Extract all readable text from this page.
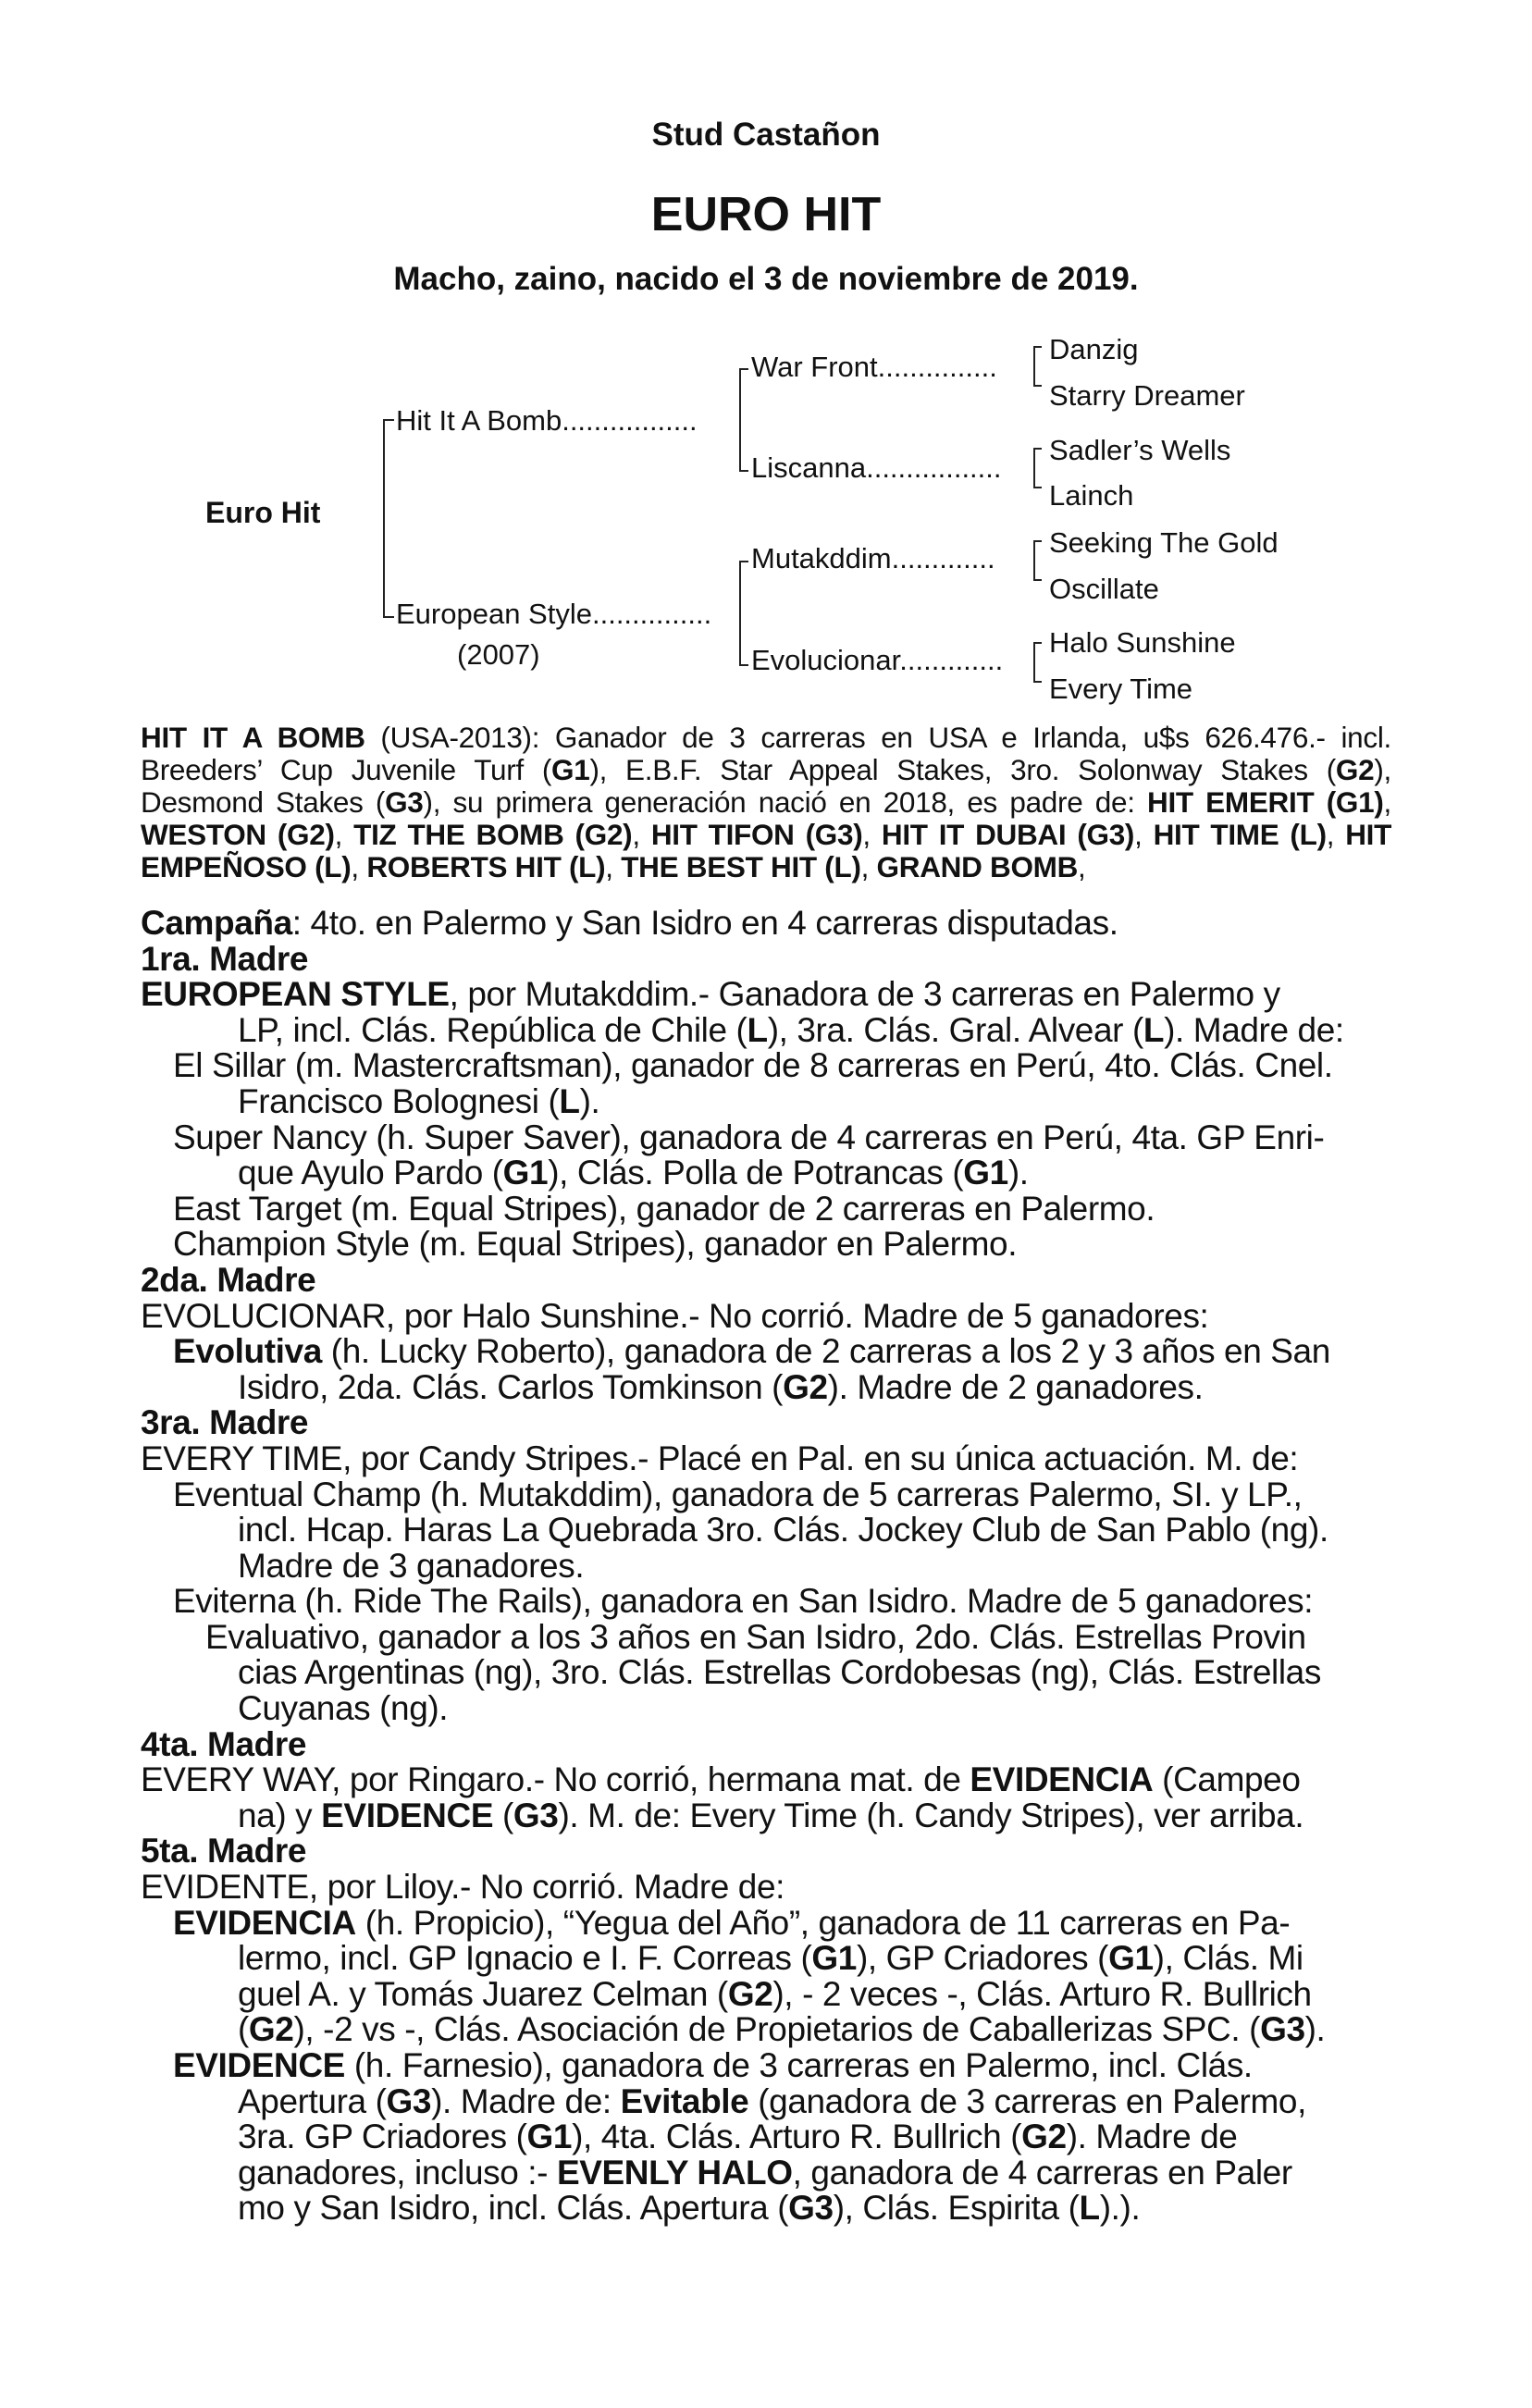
Stud Castañon
EURO HIT
Macho, zaino, nacido el 3 de noviembre de 2019.
Euro Hit
Hit It A Bomb.................
European Style...............
(2007)
War Front...............
Liscanna.................
Mutakddim.............
Evolucionar.............
Danzig
Starry Dreamer
Sadler’s Wells
Lainch
Seeking The Gold
Oscillate
Halo Sunshine
Every Time
HIT IT A BOMB (USA-2013): Ganador de 3 carreras en USA e Irlanda, u$s 626.476.- incl. Breeders’ Cup Juvenile Turf (G1), E.B.F. Star Appeal Stakes, 3ro. Solonway Stakes (G2), Desmond Stakes (G3), su primera generación nació en 2018, es padre de: HIT EMERIT (G1), WESTON (G2), TIZ THE BOMB (G2), HIT TIFON (G3), HIT IT DUBAI (G3), HIT TIME (L), HIT EMPEÑOSO (L), ROBERTS HIT (L), THE BEST HIT (L), GRAND BOMB,

Campaña: 4to. en Palermo y San Isidro en 4 carreras disputadas.

1ra. Madre

EUROPEAN STYLE, por Mutakddim.- Ganadora de 3 carreras en Palermo y

LP, incl. Clás. República de Chile (L), 3ra. Clás. Gral. Alvear (L). Madre de:

El Sillar (m. Mastercraftsman), ganador de 8 carreras en Perú, 4to. Clás. Cnel.

Francisco Bolognesi (L).

Super Nancy (h. Super Saver), ganadora de 4 carreras en Perú, 4ta. GP Enri-

que Ayulo Pardo (G1), Clás. Polla de Potrancas (G1).

East Target (m. Equal Stripes), ganador de 2 carreras en Palermo.

Champion Style (m. Equal Stripes), ganador en Palermo.

2da. Madre

EVOLUCIONAR, por Halo Sunshine.- No corrió. Madre de 5 ganadores:

Evolutiva (h. Lucky Roberto), ganadora de 2 carreras a los 2 y 3 años en San

Isidro, 2da. Clás. Carlos Tomkinson (G2). Madre de 2 ganadores.

3ra. Madre

EVERY TIME, por Candy Stripes.- Placé en Pal. en su única actuación. M. de:

Eventual Champ (h. Mutakddim), ganadora de 5 carreras Palermo, SI. y LP.,

incl. Hcap. Haras La Quebrada 3ro. Clás. Jockey Club de San Pablo (ng).

Madre de 3 ganadores.

Eviterna (h. Ride The Rails), ganadora en San Isidro. Madre de 5 ganadores:

Evaluativo, ganador a los 3 años en San Isidro, 2do. Clás. Estrellas Provin

cias Argentinas (ng), 3ro. Clás. Estrellas Cordobesas (ng), Clás. Estrellas

Cuyanas (ng).

4ta. Madre

EVERY WAY, por Ringaro.- No corrió, hermana mat. de EVIDENCIA (Campeo

na) y EVIDENCE (G3). M. de: Every Time (h. Candy Stripes), ver arriba.

5ta. Madre

EVIDENTE, por Liloy.- No corrió. Madre de:

EVIDENCIA (h. Propicio), “Yegua del Año”, ganadora de 11 carreras en Pa-

lermo, incl. GP Ignacio e I. F. Correas (G1), GP Criadores (G1), Clás. Mi

guel A. y Tomás Juarez Celman (G2), - 2 veces -, Clás. Arturo R. Bullrich

(G2), -2 vs -, Clás. Asociación de Propietarios de Caballerizas SPC. (G3).

EVIDENCE (h. Farnesio), ganadora de 3 carreras en Palermo, incl. Clás.

Apertura (G3). Madre de: Evitable (ganadora de 3 carreras en Palermo,

3ra. GP Criadores (G1), 4ta. Clás. Arturo R. Bullrich (G2). Madre de

ganadores, incluso :- EVENLY HALO, ganadora de 4 carreras en Paler

mo y San Isidro, incl. Clás. Apertura (G3), Clás. Espirita (L).).
